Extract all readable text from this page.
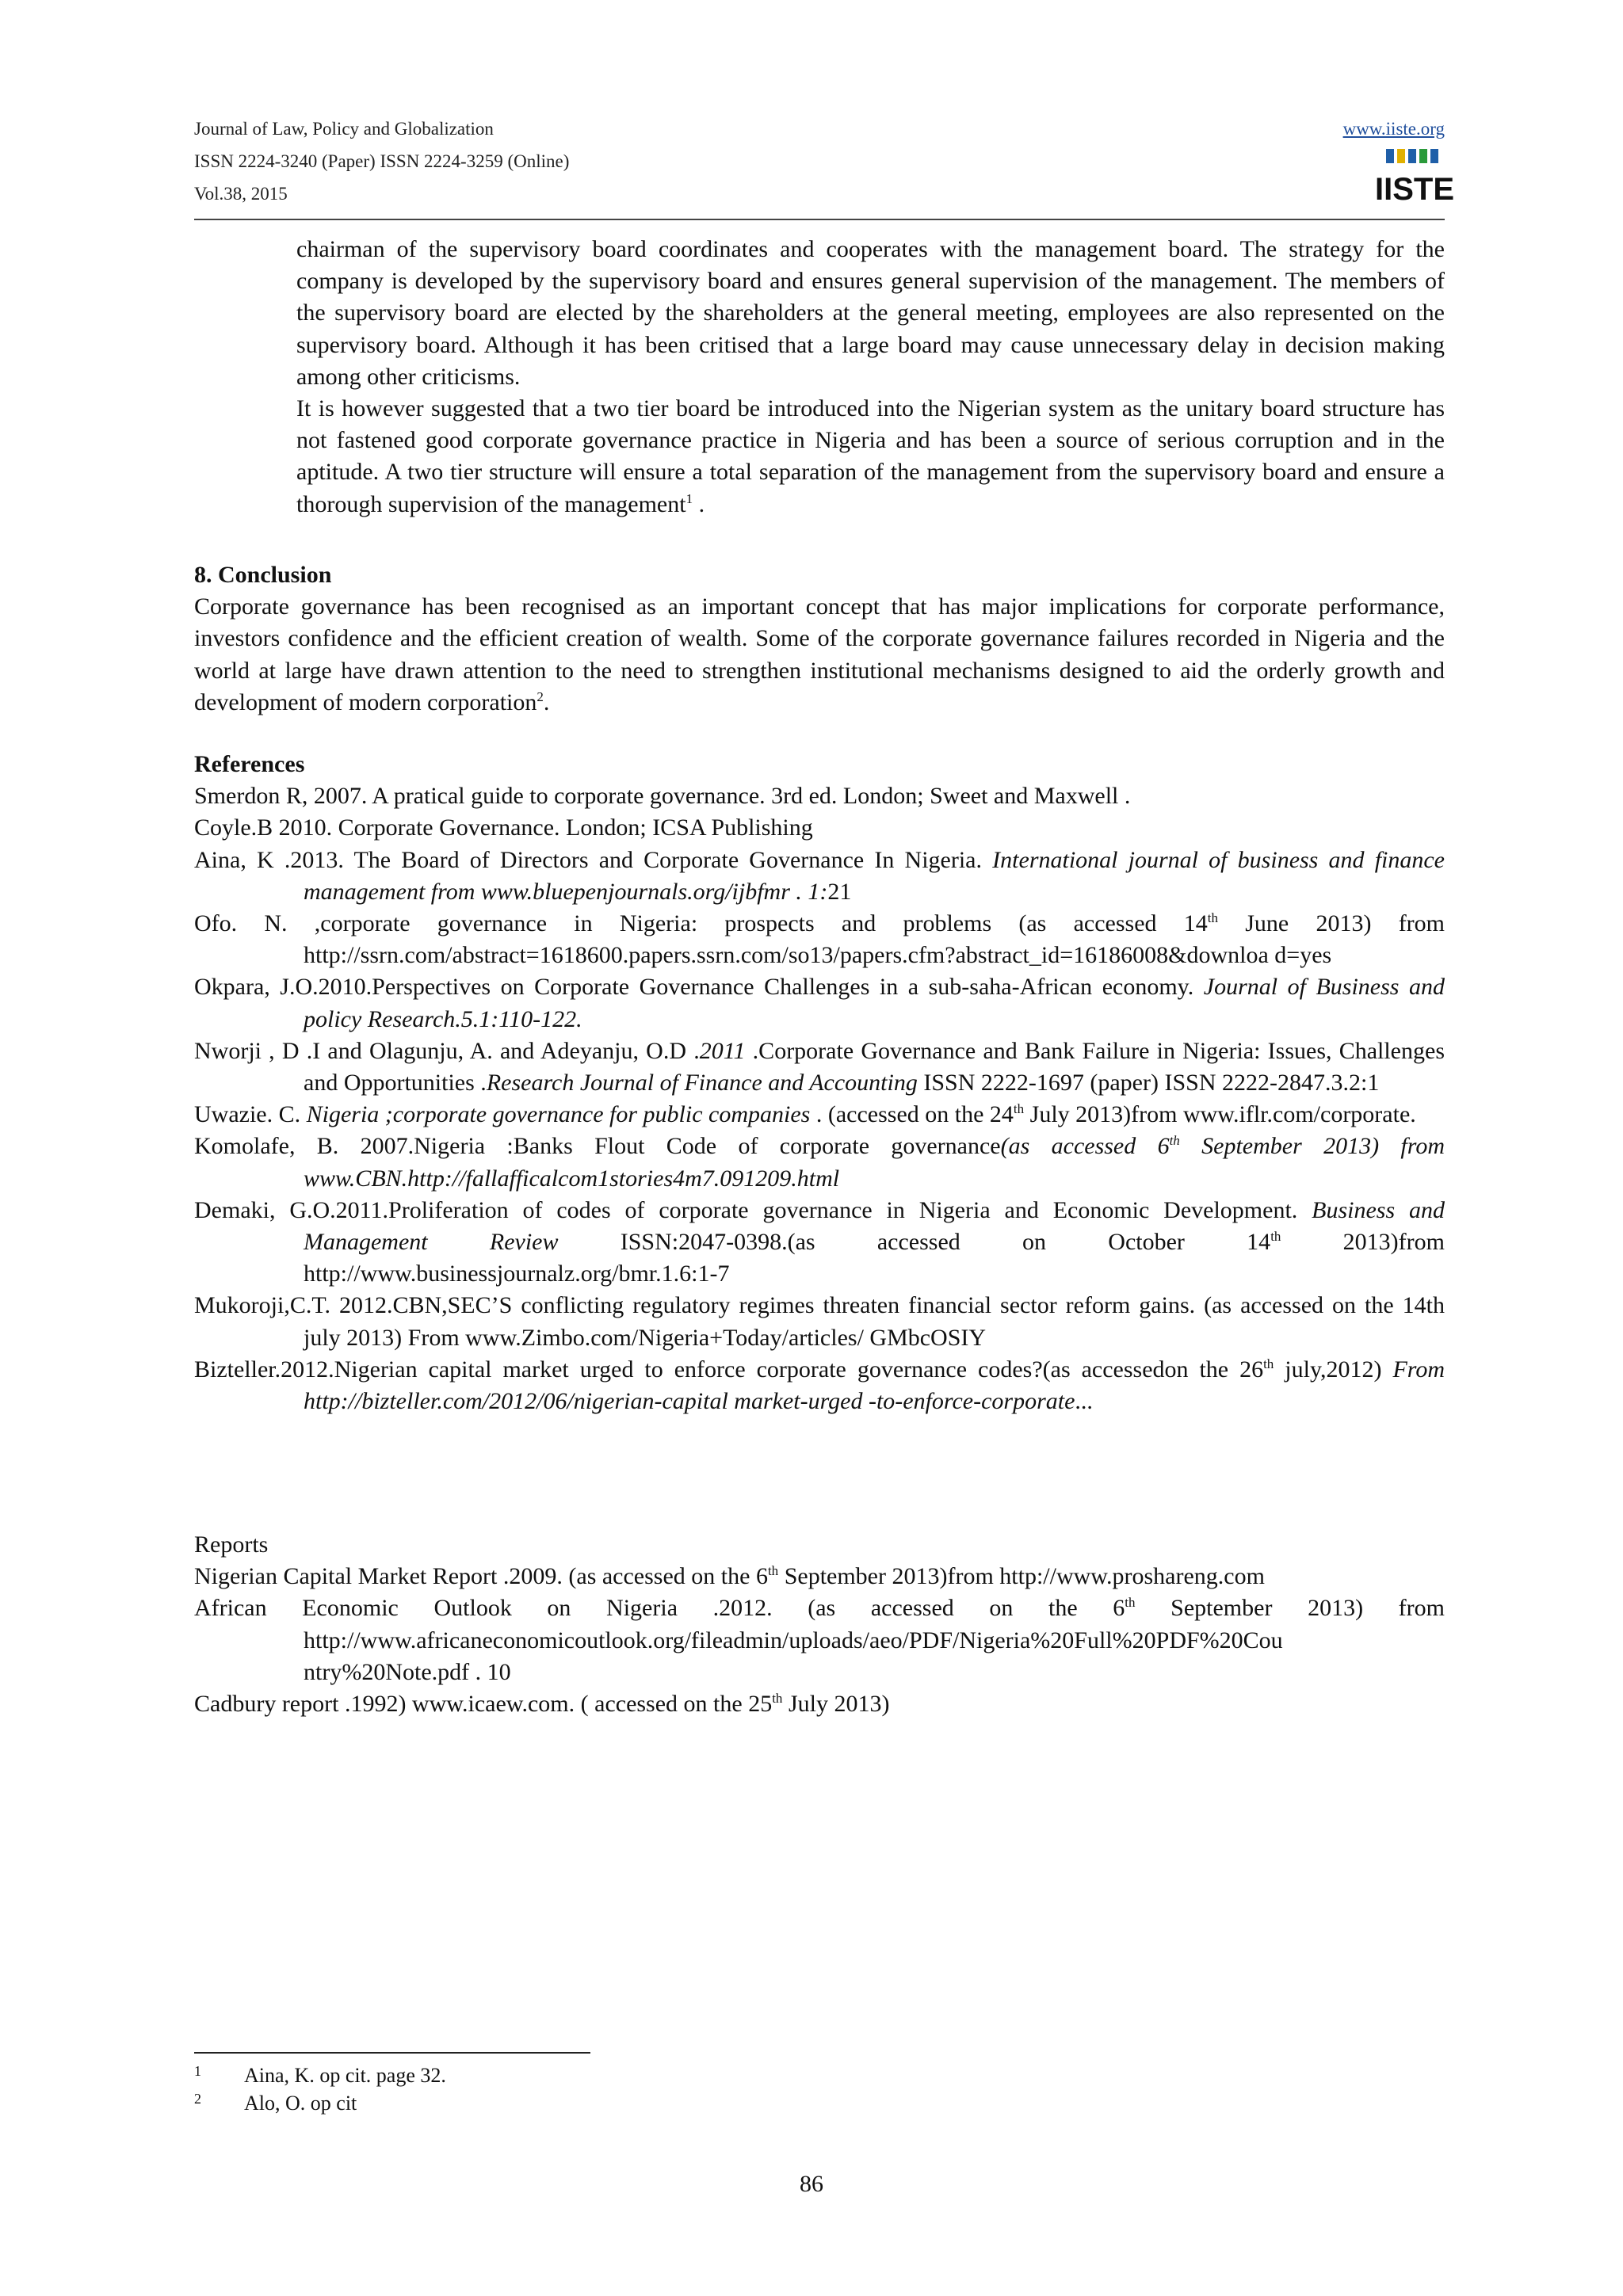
Journal of Law, Policy and Globalization
ISSN 2224-3240 (Paper) ISSN 2224-3259 (Online)
Vol.38, 2015
www.iiste.org
IISTE

chairman of the supervisory board coordinates and cooperates with the management board. The strategy for the company is developed by the supervisory board and ensures general supervision of the management. The members of the supervisory board are elected by the shareholders at the general meeting, employees are also represented on the supervisory board. Although it has been critised that a large board may cause unnecessary delay in decision making among other criticisms.

It is however suggested that a two tier board be introduced into the Nigerian system as the unitary board structure has not fastened good corporate governance practice in Nigeria and has been a source of serious corruption and in the aptitude. A two tier structure will ensure a total separation of the management from the supervisory board and ensure a thorough supervision of the management$^1$ .

8. Conclusion

Corporate governance has been recognised as an important concept that has major implications for corporate performance, investors confidence and the efficient creation of wealth. Some of the corporate governance failures recorded in Nigeria and the world at large have drawn attention to the need to strengthen institutional mechanisms designed to aid the orderly growth and development of modern corporation$^2$.

References

Smerdon R, 2007. A pratical guide to corporate governance. 3rd ed. London; Sweet and Maxwell .

Coyle.B 2010. Corporate Governance. London; ICSA Publishing

Aina, K .2013. The Board of Directors and Corporate Governance In Nigeria. International journal of business and finance management from www.bluepenjournals.org/ijbfmr . 1:21

Ofo. N. ,corporate governance in Nigeria: prospects and problems (as accessed 14th June 2013) from http://ssrn.com/abstract=1618600.papers.ssrn.com/so13/papers.cfm?abstract_id=16186008&downloa d=yes

Okpara, J.O.2010.Perspectives on Corporate Governance Challenges in a sub-saha-African economy. Journal of Business and policy Research.5.1:110-122.

Nworji , D .I and Olagunju, A. and Adeyanju, O.D .2011 .Corporate Governance and Bank Failure in Nigeria: Issues, Challenges and Opportunities .Research Journal of Finance and Accounting ISSN 2222-1697 (paper) ISSN 2222-2847.3.2:1

Uwazie. C. Nigeria ;corporate governance for public companies . (accessed on the 24th July 2013)from www.iflr.com/corporate.

Komolafe, B. 2007.Nigeria :Banks Flout Code of corporate governance(as accessed 6th September 2013) from www.CBN.http://fallafficalcom1stories4m7.091209.html

Demaki, G.O.2011.Proliferation of codes of corporate governance in Nigeria and Economic Development. Business and Management Review ISSN:2047-0398.(as accessed on October 14th 2013)from http://www.businessjournalz.org/bmr.1.6:1-7

Mukoroji,C.T. 2012.CBN,SEC’S conflicting regulatory regimes threaten financial sector reform gains. (as accessed on the 14th july 2013) From www.Zimbo.com/Nigeria+Today/articles/ GMbcOSIY

Bizteller.2012.Nigerian capital market urged to enforce corporate governance codes?(as accessedon the 26th july,2012) From http://bizteller.com/2012/06/nigerian-capital market-urged -to-enforce-corporate...

Reports

Nigerian Capital Market Report .2009. (as accessed on the 6th September 2013)from http://www.proshareng.com

African Economic Outlook on Nigeria .2012. (as accessed on the 6th September 2013) from http://www.africaneconomicoutlook.org/fileadmin/uploads/aeo/PDF/Nigeria%20Full%20PDF%20Cou ntry%20Note.pdf . 10

Cadbury report .1992) www.icaew.com. ( accessed on the 25th July 2013)

1 Aina, K. op cit. page 32.
2 Alo, O. op cit
86
